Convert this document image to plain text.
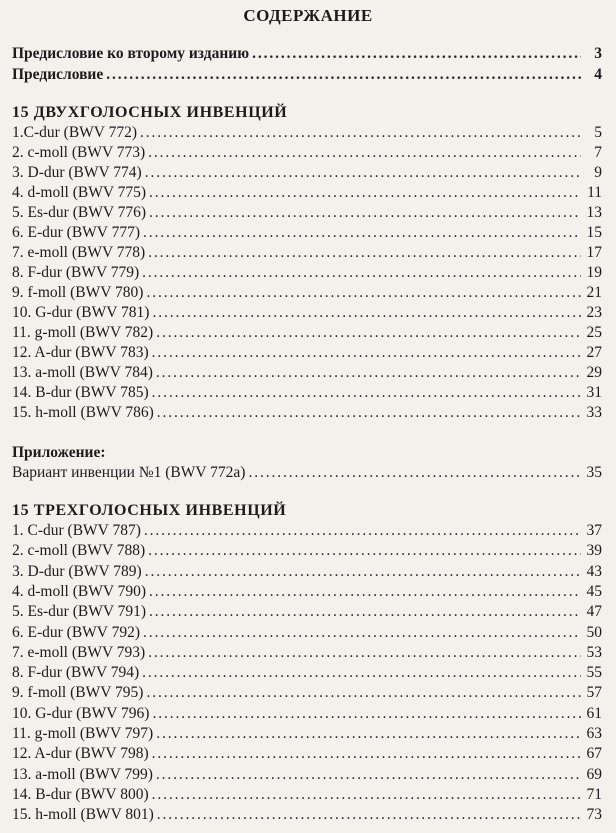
СОДЕРЖАНИЕ
Предисловие ко второму изданию . . .	3
Предисловие . . .	4
15 ДВУХГОЛОСНЫХ ИНВЕНЦИЙ
1.C-dur (BWV 772) . . .	5
2. c-moll (BWV 773) . . .	7
3. D-dur (BWV 774) . . .	9
4. d-moll (BWV 775) . . .	11
5. Es-dur (BWV 776) . . .	13
6. E-dur (BWV 777) . . .	15
7. e-moll (BWV 778) . . .	17
8. F-dur (BWV 779) . . .	19
9. f-moll (BWV 780) . . .	21
10. G-dur (BWV 781) . . .	23
11. g-moll (BWV 782) . . .	25
12. A-dur (BWV 783) . . .	27
13. a-moll (BWV 784) . . .	29
14. B-dur (BWV 785) . . .	31
15. h-moll (BWV 786) . . .	33
Приложение:
Вариант инвенции №1 (BWV 772a) . . .	35
15 ТРЕХГОЛОСНЫХ ИНВЕНЦИЙ
1. C-dur (BWV 787) . . .	37
2. c-moll (BWV 788) . . .	39
3. D-dur (BWV 789) . . .	43
4. d-moll (BWV 790) . . .	45
5. Es-dur (BWV 791) . . .	47
6. E-dur (BWV 792) . . .	50
7. e-moll (BWV 793) . . .	53
8. F-dur (BWV 794) . . .	55
9. f-moll (BWV 795) . . .	57
10. G-dur (BWV 796) . . .	61
11. g-moll (BWV 797) . . .	63
12. A-dur (BWV 798) . . .	67
13. a-moll (BWV 799) . . .	69
14. B-dur (BWV 800) . . .	71
15. h-moll (BWV 801) . . .	73
